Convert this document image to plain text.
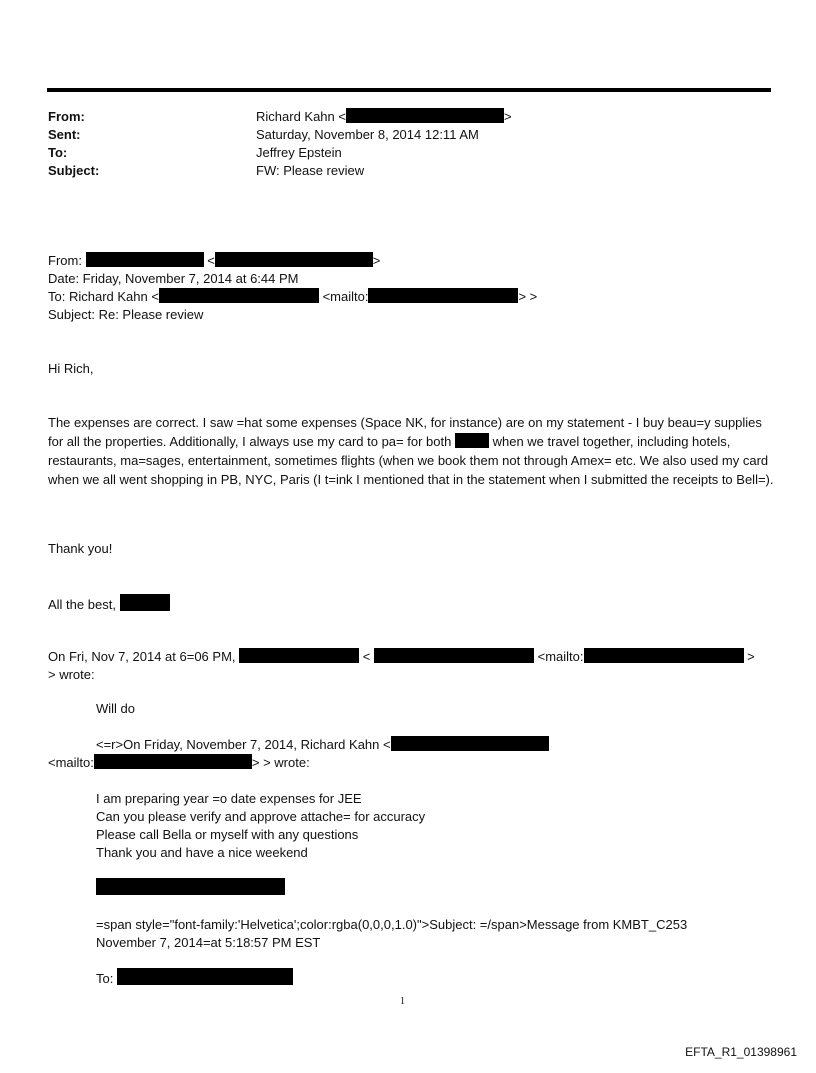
From:	Richard Kahn <	>
Sent:	Saturday, November 8, 2014 12:11 AM
To:	Jeffrey Epstein
Subject:	FW: Please review
From:	<	>
Date: Friday, November 7, 2014 at 6:44 PM
To: Richard Kahn <	<mailto:	> >
Subject: Re: Please review
Hi Rich,
The expenses are correct. I saw =hat some expenses (Space NK, for instance) are on my statement - I buy beau=y supplies for all the properties. Additionally, I always use my card to pa= for both	when we travel together, including hotels, restaurants, ma=sages, entertainment, sometimes flights (when we book them not through Amex= etc. We also used my card when we all went shopping in PB, NYC, Paris (I t=ink I mentioned that in the statement when I submitted the receipts to Bell=).
Thank you!
All the best,
On Fri, Nov 7, 2014 at 6=06 PM,	<	<mailto:	>
> wrote:
Will do
<=r>On Friday, November 7, 2014, Richard Kahn <
<mailto:	> > wrote:
I am preparing year =o date expenses for JEE
Can you please verify and approve attache= for accuracy
Please call Bella or myself with any questions
Thank you and have a nice weekend
=span style="font-family:'Helvetica';color:rgba(0,0,0,1.0)">Subject: =/span>Message from KMBT_C253
November 7, 2014=at 5:18:57 PM EST
To:
1
EFTA_R1_01398961
